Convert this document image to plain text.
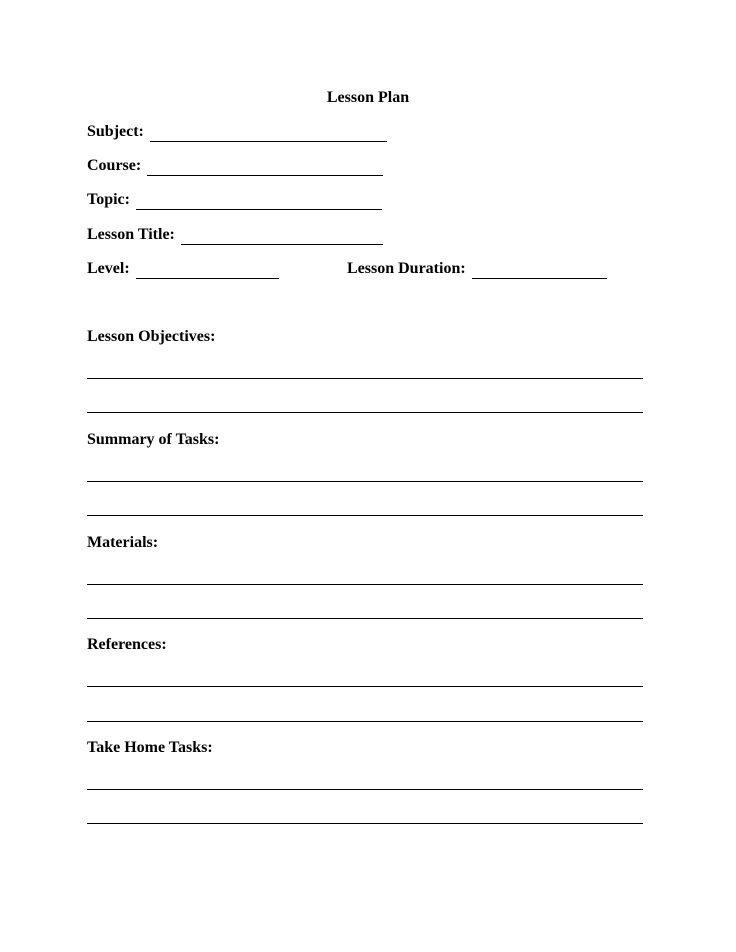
Lesson Plan
Subject:
Course:
Topic:
Lesson Title:
Level:	Lesson Duration:
Lesson Objectives:
Summary of Tasks:
Materials:
References:
Take Home Tasks:
